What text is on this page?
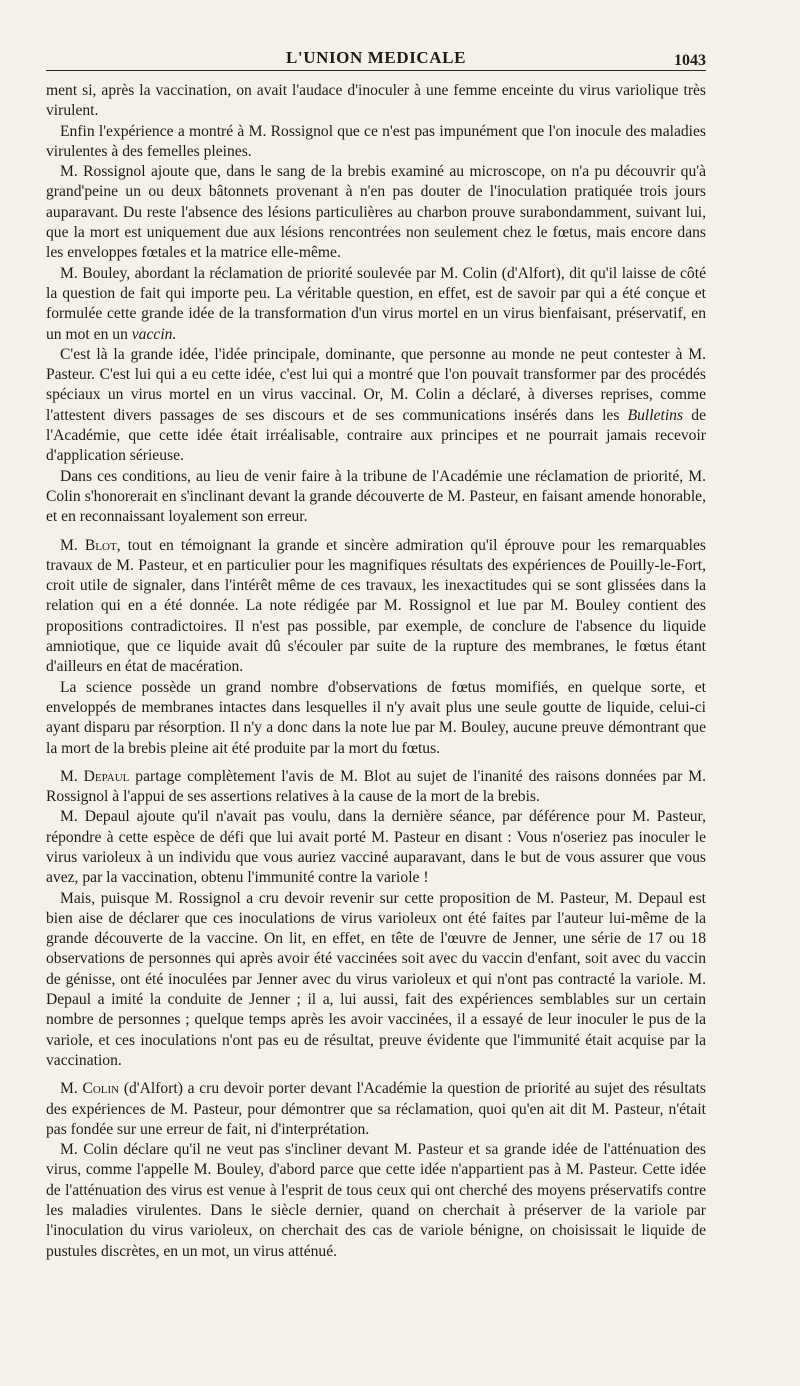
L'UNION MEDICALE	1043

ment si, après la vaccination, on avait l'audace d'inoculer à une femme enceinte du virus variolique très virulent.

Enfin l'expérience a montré à M. Rossignol que ce n'est pas impunément que l'on inocule des maladies virulentes à des femelles pleines.

M. Rossignol ajoute que, dans le sang de la brebis examiné au microscope, on n'a pu découvrir qu'à grand'peine un ou deux bâtonnets provenant à n'en pas douter de l'inoculation pratiquée trois jours auparavant. Du reste l'absence des lésions particulières au charbon prouve surabondamment, suivant lui, que la mort est uniquement due aux lésions rencontrées non seulement chez le fœtus, mais encore dans les enveloppes fœtales et la matrice elle-même.

M. Bouley, abordant la réclamation de priorité soulevée par M. Colin (d'Alfort), dit qu'il laisse de côté la question de fait qui importe peu. La véritable question, en effet, est de savoir par qui a été conçue et formulée cette grande idée de la transformation d'un virus mortel en un virus bienfaisant, préservatif, en un mot en un vaccin.

C'est là la grande idée, l'idée principale, dominante, que personne au monde ne peut contester à M. Pasteur. C'est lui qui a eu cette idée, c'est lui qui a montré que l'on pouvait transformer par des procédés spéciaux un virus mortel en un virus vaccinal. Or, M. Colin a déclaré, à diverses reprises, comme l'attestent divers passages de ses discours et de ses communications insérés dans les Bulletins de l'Académie, que cette idée était irréalisable, contraire aux principes et ne pourrait jamais recevoir d'application sérieuse.

Dans ces conditions, au lieu de venir faire à la tribune de l'Académie une réclamation de priorité, M. Colin s'honorerait en s'inclinant devant la grande découverte de M. Pasteur, en faisant amende honorable, et en reconnaissant loyalement son erreur.

M. Blot, tout en témoignant la grande et sincère admiration qu'il éprouve pour les remarquables travaux de M. Pasteur, et en particulier pour les magnifiques résultats des expériences de Pouilly-le-Fort, croit utile de signaler, dans l'intérêt même de ces travaux, les inexactitudes qui se sont glissées dans la relation qui en a été donnée. La note rédigée par M. Rossignol et lue par M. Bouley contient des propositions contradictoires. Il n'est pas possible, par exemple, de conclure de l'absence du liquide amniotique, que ce liquide avait dû s'écouler par suite de la rupture des membranes, le fœtus étant d'ailleurs en état de macération.

La science possède un grand nombre d'observations de fœtus momifiés, en quelque sorte, et enveloppés de membranes intactes dans lesquelles il n'y avait plus une seule goutte de liquide, celui-ci ayant disparu par résorption. Il n'y a donc dans la note lue par M. Bouley, aucune preuve démontrant que la mort de la brebis pleine ait été produite par la mort du fœtus.

M. Depaul partage complètement l'avis de M. Blot au sujet de l'inanité des raisons données par M. Rossignol à l'appui de ses assertions relatives à la cause de la mort de la brebis.

M. Depaul ajoute qu'il n'avait pas voulu, dans la dernière séance, par déférence pour M. Pasteur, répondre à cette espèce de défi que lui avait porté M. Pasteur en disant : Vous n'oseriez pas inoculer le virus varioleux à un individu que vous auriez vacciné auparavant, dans le but de vous assurer que vous avez, par la vaccination, obtenu l'immunité contre la variole !

Mais, puisque M. Rossignol a cru devoir revenir sur cette proposition de M. Pasteur, M. Depaul est bien aise de déclarer que ces inoculations de virus varioleux ont été faites par l'auteur lui-même de la grande découverte de la vaccine. On lit, en effet, en tête de l'œuvre de Jenner, une série de 17 ou 18 observations de personnes qui après avoir été vaccinées soit avec du vaccin d'enfant, soit avec du vaccin de génisse, ont été inoculées par Jenner avec du virus varioleux et qui n'ont pas contracté la variole. M. Depaul a imité la conduite de Jenner ; il a, lui aussi, fait des expériences semblables sur un certain nombre de personnes ; quelque temps après les avoir vaccinées, il a essayé de leur inoculer le pus de la variole, et ces inoculations n'ont pas eu de résultat, preuve évidente que l'immunité était acquise par la vaccination.

M. Colin (d'Alfort) a cru devoir porter devant l'Académie la question de priorité au sujet des résultats des expériences de M. Pasteur, pour démontrer que sa réclamation, quoi qu'en ait dit M. Pasteur, n'était pas fondée sur une erreur de fait, ni d'interprétation.

M. Colin déclare qu'il ne veut pas s'incliner devant M. Pasteur et sa grande idée de l'atténuation des virus, comme l'appelle M. Bouley, d'abord parce que cette idée n'appartient pas à M. Pasteur. Cette idée de l'atténuation des virus est venue à l'esprit de tous ceux qui ont cherché des moyens préservatifs contre les maladies virulentes. Dans le siècle dernier, quand on cherchait à préserver de la variole par l'inoculation du virus varioleux, on cherchait des cas de variole bénigne, on choisissait le liquide de pustules discrètes, en un mot, un virus atténué.
